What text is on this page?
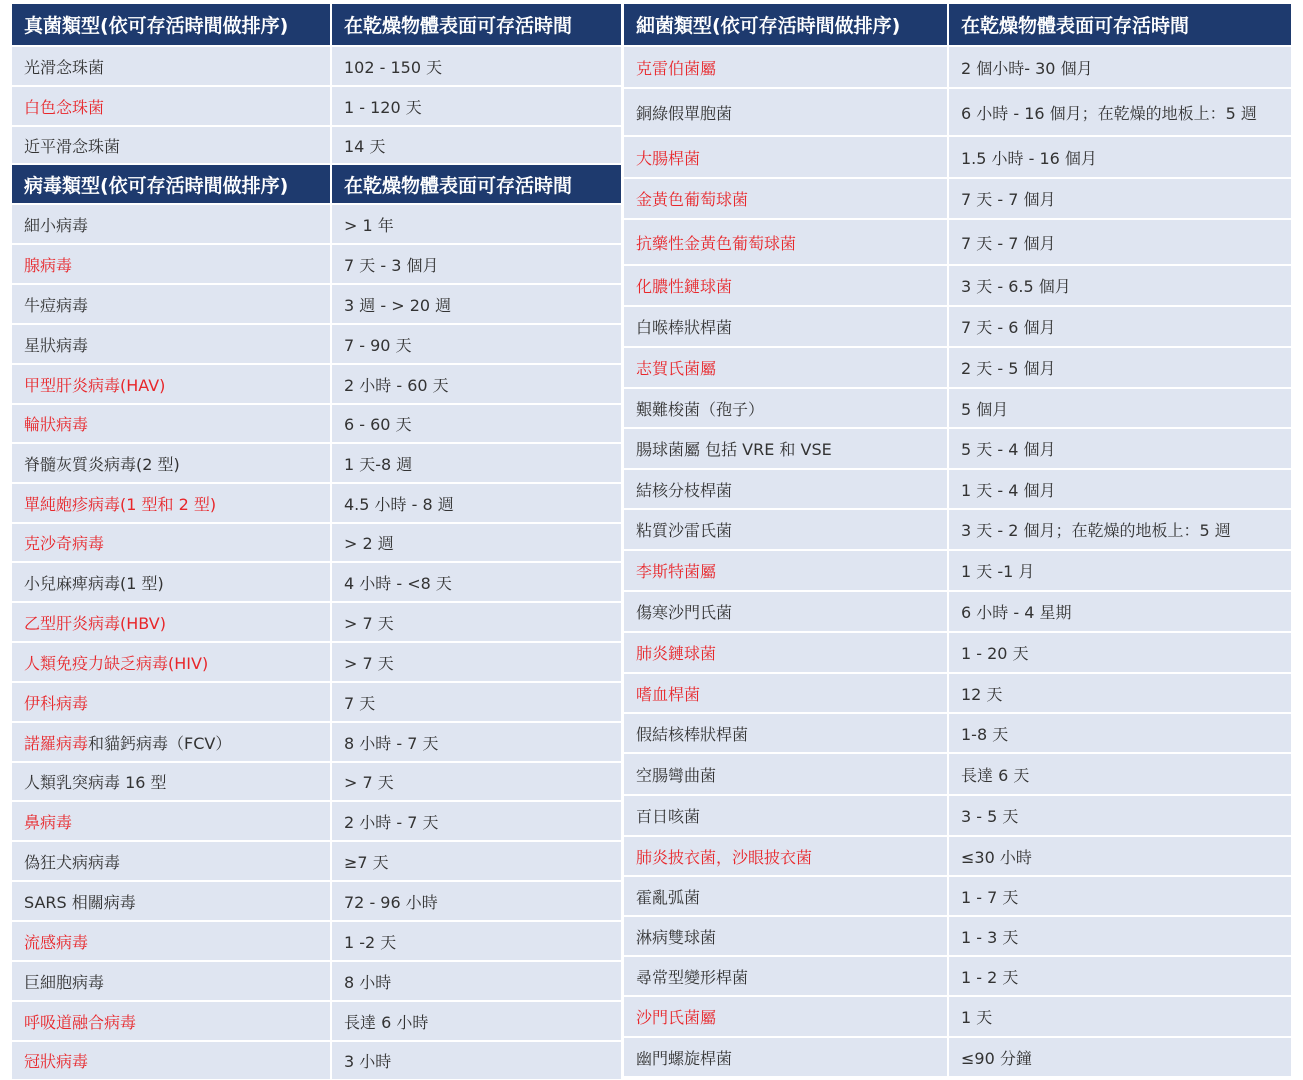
真菌類型(依可存活時間做排序)	在乾燥物體表面可存活時間
光滑念珠菌	102 - 150 天
白色念珠菌	1 - 120 天
近平滑念珠菌	14 天
病毒類型(依可存活時間做排序)	在乾燥物體表面可存活時間
細小病毒	> 1 年
腺病毒	7 天 - 3 個月
牛痘病毒	3 週 - > 20 週
星狀病毒	7 - 90 天
甲型肝炎病毒(HAV)	2 小時 - 60 天
輪狀病毒	6 - 60 天
脊髓灰質炎病毒(2 型)	1 天-8 週
單純皰疹病毒(1 型和 2 型)	4.5 小時 - 8 週
克沙奇病毒	> 2 週
小兒麻痺病毒(1 型)	4 小時 - <8 天
乙型肝炎病毒(HBV)	> 7 天
人類免疫力缺乏病毒(HIV)	> 7 天
伊科病毒	7 天
諾羅病毒 和貓鈣病毒（FCV）	8 小時 - 7 天
人類乳突病毒 16 型	> 7 天
鼻病毒	2 小時 - 7 天
偽狂犬病病毒	≥7 天
SARS 相關病毒	72 - 96 小時
流感病毒	1 -2 天
巨細胞病毒	8 小時
呼吸道融合病毒	長達 6 小時
冠狀病毒	3 小時
細菌類型(依可存活時間做排序)	在乾燥物體表面可存活時間
克雷伯菌屬	2 個小時- 30 個月
銅綠假單胞菌	6 小時 - 16 個月；在乾燥的地板上：5 週
大腸桿菌	1.5 小時 - 16 個月
金黃色葡萄球菌	7 天 - 7 個月
抗藥性金黃色葡萄球菌	7 天 - 7 個月
化膿性鏈球菌	3 天 - 6.5 個月
白喉棒狀桿菌	7 天 - 6 個月
志賀氏菌屬	2 天 - 5 個月
艱難梭菌（孢子）	5 個月
腸球菌屬 包括 VRE 和 VSE	5 天 - 4 個月
結核分枝桿菌	1 天 - 4 個月
粘質沙雷氏菌	3 天 - 2 個月；在乾燥的地板上：5 週
李斯特菌屬	1 天 -1 月
傷寒沙門氏菌	6 小時 - 4 星期
肺炎鏈球菌	1 - 20 天
嗜血桿菌	12 天
假結核棒狀桿菌	1-8 天
空腸彎曲菌	長達 6 天
百日咳菌	3 - 5 天
肺炎披衣菌，沙眼披衣菌	≤30 小時
霍亂弧菌	1 - 7 天
淋病雙球菌	1 - 3 天
尋常型變形桿菌	1 - 2 天
沙門氏菌屬	1 天
幽門螺旋桿菌	≤90 分鐘
